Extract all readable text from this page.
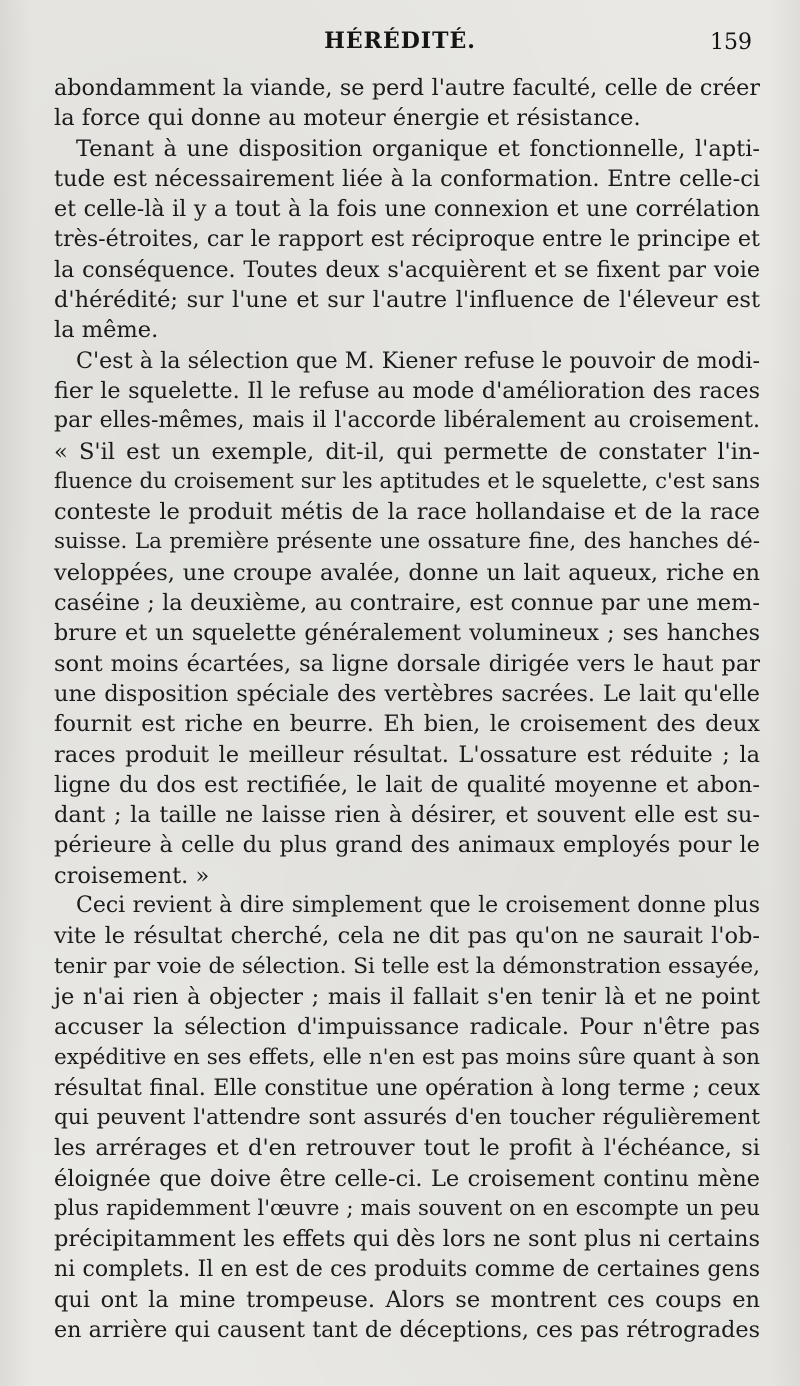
HÉRÉDITÉ.	159
abondamment la viande, se perd l'autre faculté, celle de créer
la force qui donne au moteur énergie et résistance.
Tenant à une disposition organique et fonctionnelle, l'apti-
tude est nécessairement liée à la conformation. Entre celle-ci
et celle-là il y a tout à la fois une connexion et une corrélation
très-étroites, car le rapport est réciproque entre le principe et
la conséquence. Toutes deux s'acquièrent et se fixent par voie
d'hérédité; sur l'une et sur l'autre l'influence de l'éleveur est
la même.
C'est à la sélection que M. Kiener refuse le pouvoir de modi-
fier le squelette. Il le refuse au mode d'amélioration des races
par elles-mêmes, mais il l'accorde libéralement au croisement.
« S'il est un exemple, dit-il, qui permette de constater l'in-
fluence du croisement sur les aptitudes et le squelette, c'est sans
conteste le produit métis de la race hollandaise et de la race
suisse. La première présente une ossature fine, des hanches dé-
veloppées, une croupe avalée, donne un lait aqueux, riche en
caséine ; la deuxième, au contraire, est connue par une mem-
brure et un squelette généralement volumineux ; ses hanches
sont moins écartées, sa ligne dorsale dirigée vers le haut par
une disposition spéciale des vertèbres sacrées. Le lait qu'elle
fournit est riche en beurre. Eh bien, le croisement des deux
races produit le meilleur résultat. L'ossature est réduite ; la
ligne du dos est rectifiée, le lait de qualité moyenne et abon-
dant ; la taille ne laisse rien à désirer, et souvent elle est su-
périeure à celle du plus grand des animaux employés pour le
croisement. »
Ceci revient à dire simplement que le croisement donne plus
vite le résultat cherché, cela ne dit pas qu'on ne saurait l'ob-
tenir par voie de sélection. Si telle est la démonstration essayée,
je n'ai rien à objecter ; mais il fallait s'en tenir là et ne point
accuser la sélection d'impuissance radicale. Pour n'être pas
expéditive en ses effets, elle n'en est pas moins sûre quant à son
résultat final. Elle constitue une opération à long terme ; ceux
qui peuvent l'attendre sont assurés d'en toucher régulièrement
les arrérages et d'en retrouver tout le profit à l'échéance, si
éloignée que doive être celle-ci. Le croisement continu mène
plus rapidemment l'œuvre ; mais souvent on en escompte un peu
précipitamment les effets qui dès lors ne sont plus ni certains
ni complets. Il en est de ces produits comme de certaines gens
qui ont la mine trompeuse. Alors se montrent ces coups en
en arrière qui causent tant de déceptions, ces pas rétrogrades
